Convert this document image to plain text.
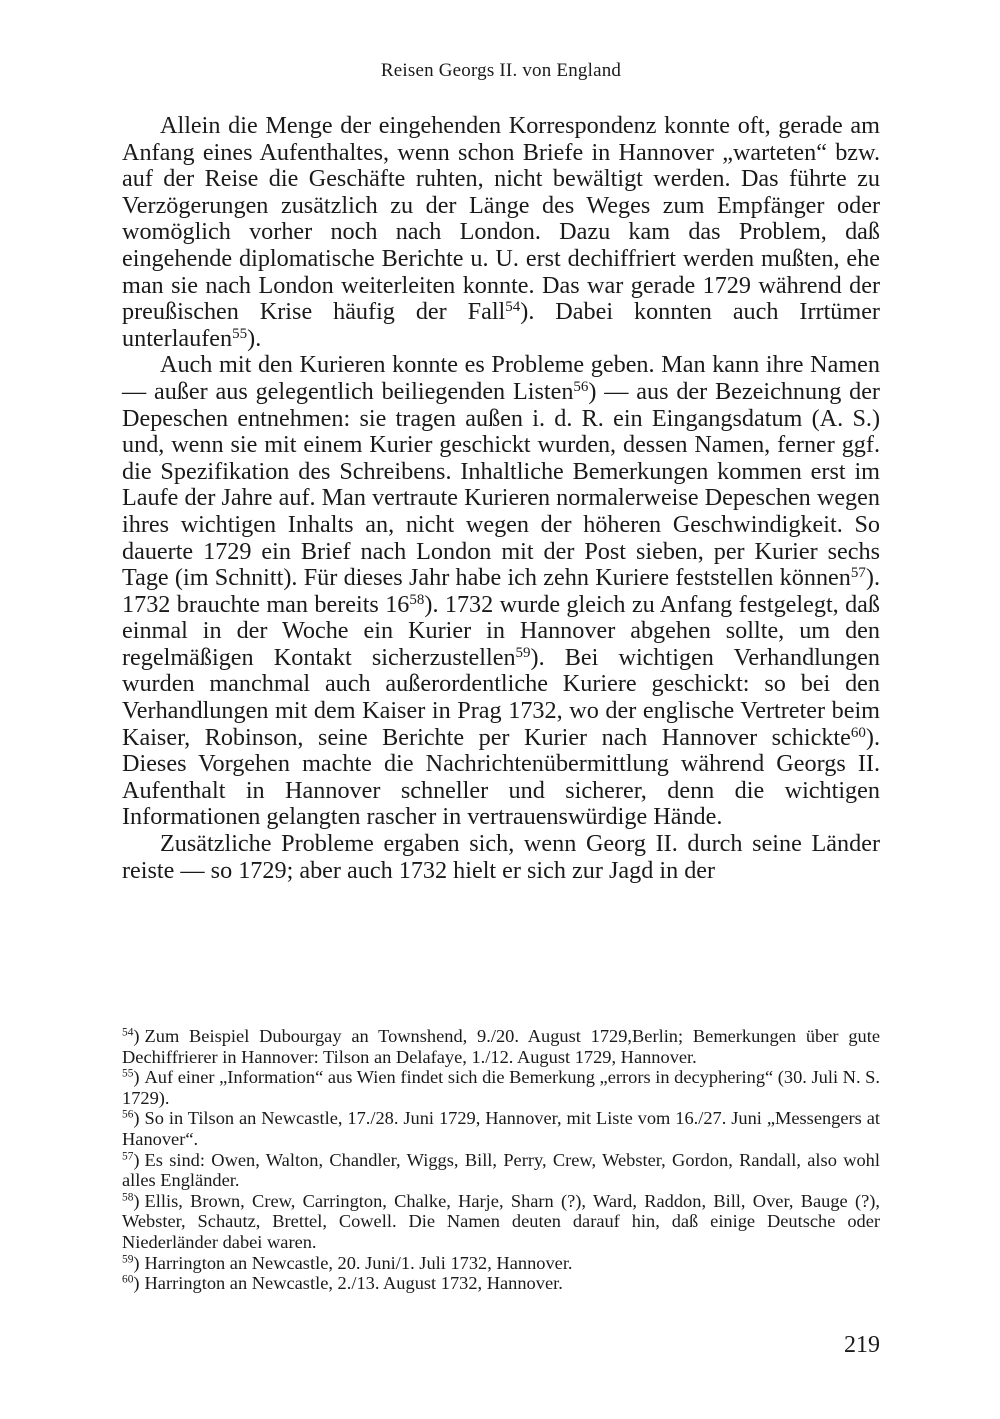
Reisen Georgs II. von England

Allein die Menge der eingehenden Korrespondenz konnte oft, gerade am Anfang eines Aufenthaltes, wenn schon Briefe in Hannover „warteten“ bzw. auf der Reise die Geschäfte ruhten, nicht bewältigt werden. Das führte zu Verzögerungen zusätzlich zu der Länge des Weges zum Empfänger oder womöglich vorher noch nach London. Dazu kam das Problem, daß eingehende diplomatische Berichte u. U. erst dechiffriert werden mußten, ehe man sie nach London weiterleiten konnte. Das war gerade 1729 während der preußischen Krise häufig der Fall$^{54}$). Dabei konnten auch Irrtümer unterlaufen$^{55}$).

Auch mit den Kurieren konnte es Probleme geben. Man kann ihre Namen — außer aus gelegentlich beiliegenden Listen$^{56}$) — aus der Bezeichnung der Depeschen entnehmen: sie tragen außen i. d. R. ein Eingangsdatum (A. S.) und, wenn sie mit einem Kurier geschickt wurden, dessen Namen, ferner ggf. die Spezifikation des Schreibens. Inhaltliche Bemerkungen kommen erst im Laufe der Jahre auf. Man vertraute Kurieren normalerweise Depeschen wegen ihres wichtigen Inhalts an, nicht wegen der höheren Geschwindigkeit. So dauerte 1729 ein Brief nach London mit der Post sieben, per Kurier sechs Tage (im Schnitt). Für dieses Jahr habe ich zehn Kuriere feststellen können$^{57}$). 1732 brauchte man bereits $16^{58}$). 1732 wurde gleich zu Anfang festgelegt, daß einmal in der Woche ein Kurier in Hannover abgehen sollte, um den regelmäßigen Kontakt sicherzustellen$^{59}$). Bei wichtigen Verhandlungen wurden manchmal auch außerordentliche Kuriere geschickt: so bei den Verhandlungen mit dem Kaiser in Prag 1732, wo der englische Vertreter beim Kaiser, Robinson, seine Berichte per Kurier nach Hannover schickte$^{60}$). Dieses Vorgehen machte die Nachrichtenübermittlung während Georgs II. Aufenthalt in Hannover schneller und sicherer, denn die wichtigen Informationen gelangten rascher in vertrauenswürdige Hände.

Zusätzliche Probleme ergaben sich, wenn Georg II. durch seine Länder reiste — so 1729; aber auch 1732 hielt er sich zur Jagd in der

$^{54}$) Zum Beispiel Dubourgay an Townshend, 9./20. August 1729,Berlin; Bemerkungen über gute Dechiffrierer in Hannover: Tilson an Delafaye, 1./12. August 1729, Hannover.

$^{55}$) Auf einer „Information“ aus Wien findet sich die Bemerkung „errors in decyphering“ (30. Juli N. S. 1729).

$^{56}$) So in Tilson an Newcastle, 17./28. Juni 1729, Hannover, mit Liste vom 16./27. Juni „Messengers at Hanover“.

$^{57}$) Es sind: Owen, Walton, Chandler, Wiggs, Bill, Perry, Crew, Webster, Gordon, Randall, also wohl alles Engländer.

$^{58}$) Ellis, Brown, Crew, Carrington, Chalke, Harje, Sharn (?), Ward, Raddon, Bill, Over, Bauge (?), Webster, Schautz, Brettel, Cowell. Die Namen deuten darauf hin, daß einige Deutsche oder Niederländer dabei waren.

$^{59}$) Harrington an Newcastle, 20. Juni/1. Juli 1732, Hannover.

$^{60}$) Harrington an Newcastle, 2./13. August 1732, Hannover.

219
